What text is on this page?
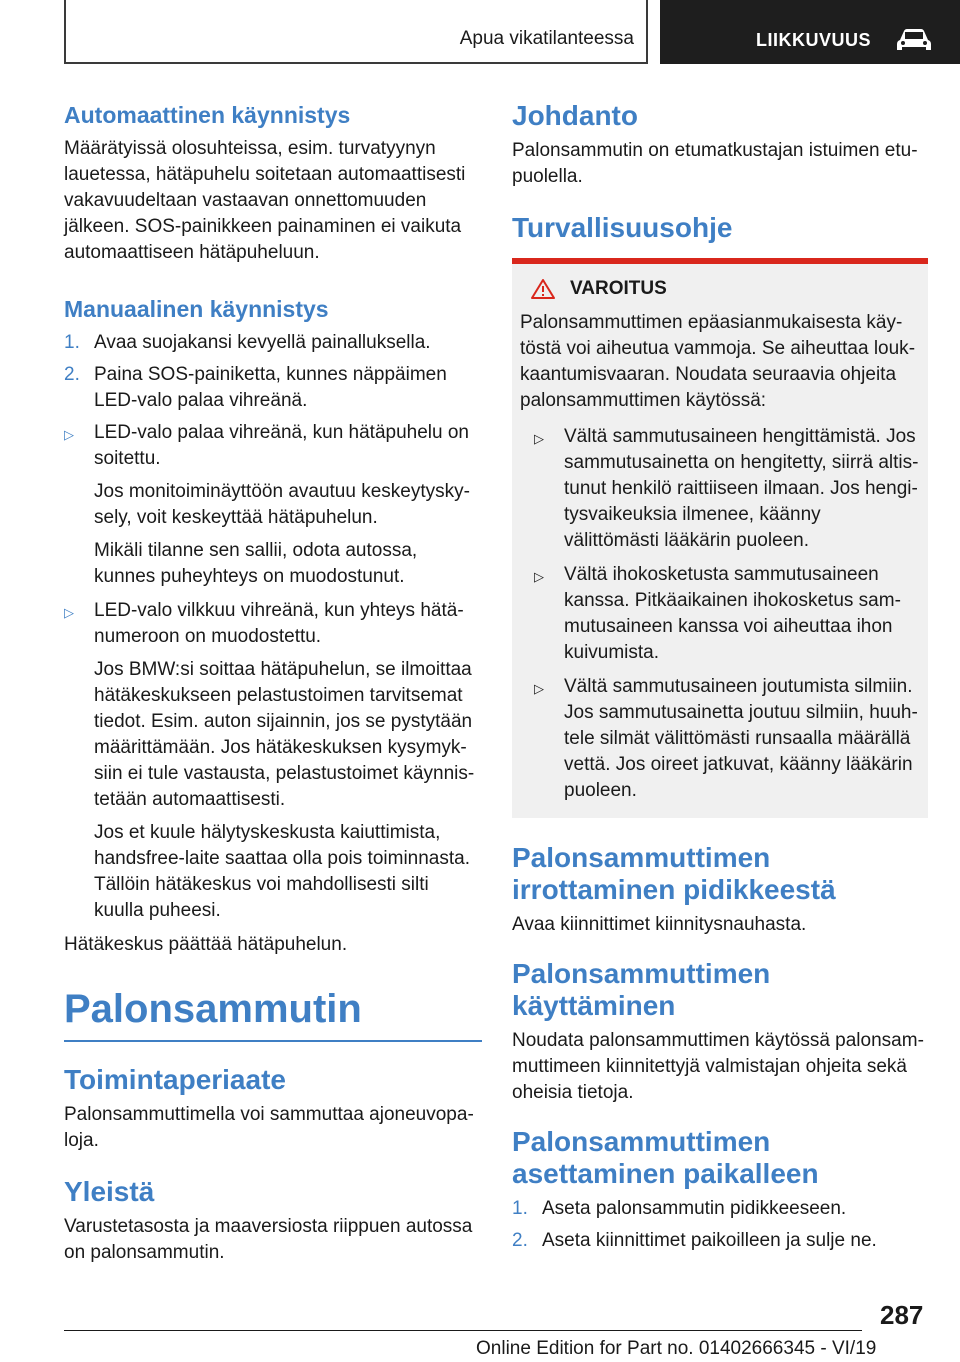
Apua vikatilanteessa	LIIKKUVUUS
Automaattinen käynnistys

Määrätyissä olosuhteissa, esim. turvatyynyn lauetessa, hätäpuhelu soitetaan automaattisesti vakavuudeltaan vastaavan onnettomuuden jälkeen. SOS-painikkeen painaminen ei vaikuta automaattiseen hätäpuheluun.

Manuaalinen käynnistys
1. Avaa suojakansi kevyellä painalluksella.
2. Paina SOS-painiketta, kunnes näppäimen LED-valo palaa vihreänä.
▷ LED-valo palaa vihreänä, kun hätäpuhelu on soitettu.

Jos monitoiminäyttöön avautuu keskeytyskysely, voit keskeyttää hätäpuhelun.

Mikäli tilanne sen sallii, odota autossa, kunnes puheyhteys on muodostunut.

▷ LED-valo vilkkuu vihreänä, kun yhteys hätänumeroon on muodostettu.

Jos BMW:si soittaa hätäpuhelun, se ilmoittaa hätäkeskukseen pelastustoimen tarvitsemat tiedot. Esim. auton sijainnin, jos se pystytään määrittämään. Jos hätäkeskuksen kysymyksiin ei tule vastausta, pelastustoimet käynnistetään automaattisesti.

Jos et kuule hälytyskeskusta kaiuttimista, handsfree-laite saattaa olla pois toiminnasta. Tällöin hätäkeskus voi mahdollisesti silti kuulla puheesi.

Hätäkeskus päättää hätäpuhelun.

Palonsammutin
Toimintaperiaate

Palonsammuttimella voi sammuttaa ajoneuvopaloja.

Yleistä

Varustetasosta ja maaversiosta riippuen autossa on palonsammutin.

Johdanto

Palonsammutin on etumatkustajan istuimen etupuolella.

Turvallisuusohje
VAROITUS

Palonsammuttimen epäasianmukaisesta käytöstä voi aiheutua vammoja. Se aiheuttaa loukkaantumisvaaran. Noudata seuraavia ohjeita palonsammuttimen käytössä:

▷ Vältä sammutusaineen hengittämistä. Jos sammutusainetta on hengitetty, siirrä altistunut henkilö raittiiseen ilmaan. Jos hengitysvaikeuksia ilmenee, käänny välittömästi lääkärin puoleen.
▷ Vältä ihokosketusta sammutusaineen kanssa. Pitkäaikainen ihokosketus sammutusaineen kanssa voi aiheuttaa ihon kuivumista.
▷ Vältä sammutusaineen joutumista silmiin. Jos sammutusainetta joutuu silmiin, huuhtele silmät välittömästi runsaalla määrällä vettä. Jos oireet jatkuvat, käänny lääkärin puoleen.
Palonsammuttimen irrottaminen pidikkeestä

Avaa kiinnittimet kiinnitysnauhasta.

Palonsammuttimen käyttäminen

Noudata palonsammuttimen käytössä palonsammuttimeen kiinnitettyjä valmistajan ohjeita sekä oheisia tietoja.

Palonsammuttimen asettaminen paikalleen
1. Aseta palonsammutin pidikkeeseen.
2. Aseta kiinnittimet paikoilleen ja sulje ne.
287
Online Edition for Part no. 01402666345 - VI/19
